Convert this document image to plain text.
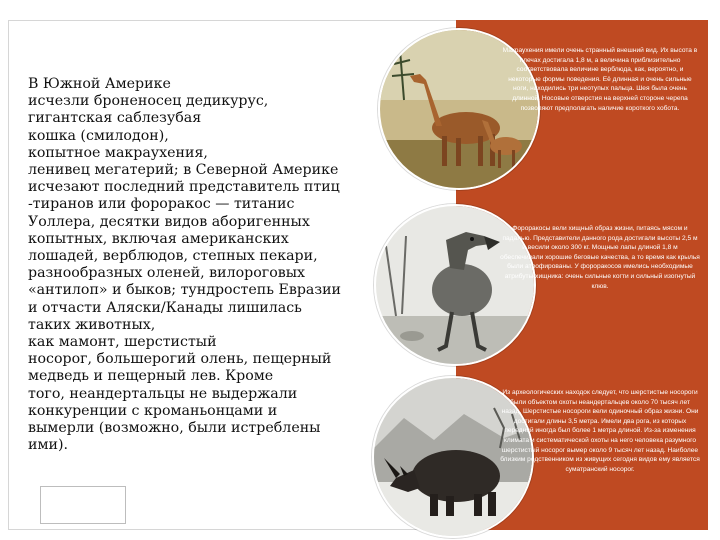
В Южной Америке
исчезли броненосец дедикурус,
гигантская саблезубая
кошка (смилодон),
копытное макраухения,
ленивец мегатерий; в Северной Америке
исчезают последний представитель птиц
-тиранов или фороракоc — титанис
Уоллера, десятки видов аборигенных
копытных, включая американских
лошадей, верблюдов, степных пекари,
разнообразных оленей, вилороговых
«антилоп» и быков; тундростепь Евразии
и отчасти Аляски/Канады лишилась
таких животных,
как мамонт, шерстистый
носорог, большерогий олень, пещерный
медведь и пещерный лев. Кроме
того, неандертальцы не выдержали
конкуренции с кроманьонцами и
вымерли (возможно, были истреблены
ими).

Макраухения имели очень странный внешний вид. Их высота в плечах достигала 1,8 м, а величина приблизительно соответствовала величине верблюда, как, вероятно, и некоторые формы поведения. Её длинная и очень сильные ноги, находились три неотупых пальца. Шея была очень длинной. Носовые отверстия на верхней стороне черепа позволяют предполагать наличие короткого хобота.

Фороракосы вели хищный образ жизни, питаясь мясом и падалью. Представители данного рода достигали высоты 2,5 м и весили около 300 кг. Мощные лапы длиной 1,8 м обеспечивали хорошие беговые качества, а то время как крылья были атрофированы. У фороракосов имелись необходимые атрибуты хищника: очень сильные когти и сильный изогнутый клюв.

Из археологических находок следует, что шерстистые носороги были объектом охоты неандертальцев около 70 тысяч лет назад. Шерстистые носороги вели одиночный образ жизни. Они достигали длины 3,5 метра. Имели два рога, из которых передний иногда был более 1 метра длиной. Из-за изменения климата и систематической охоты на него человека разумного шерстистый носорог вымер около 9 тысяч лет назад. Наиболее близким родственником из живущих сегодня видов ему является суматранский носорог.
